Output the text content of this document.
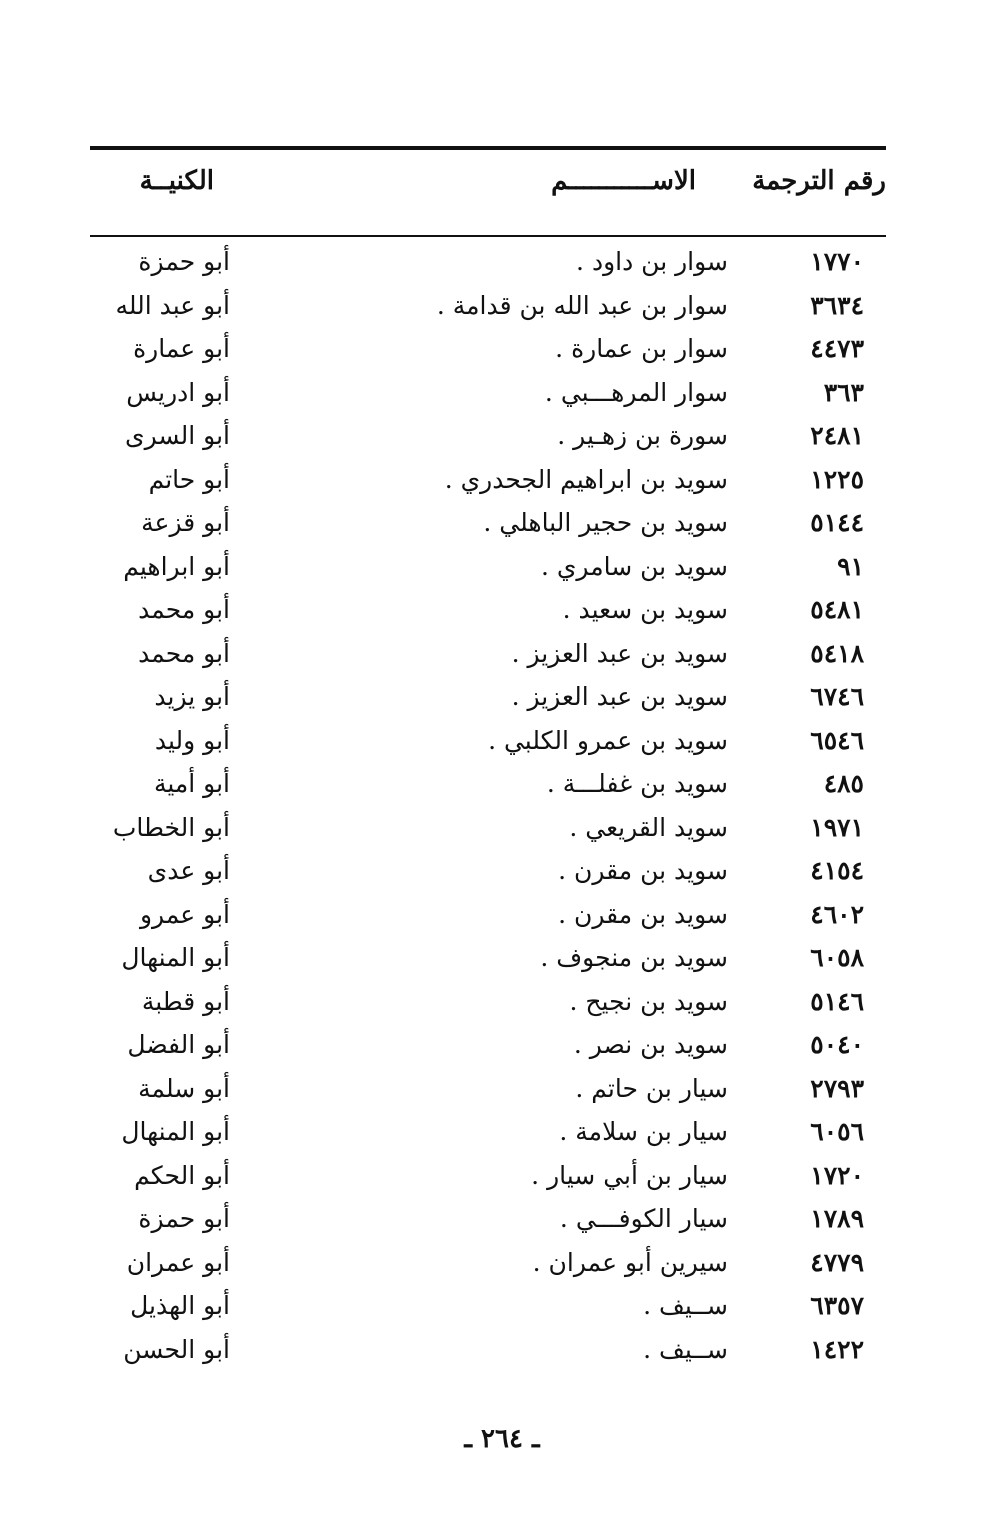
رقم الترجمة
الاســـــــــــم
الكنيــة
١٧٧٠
سوار بن داود .
أبو حمزة
٣٦٣٤
سوار بن عبد الله بن قدامة .
أبو عبد الله
٤٤٧٣
سوار بن عمارة .
أبو عمارة
٣٦٣
سوار المرهـــبي .
أبو ادريس
٢٤٨١
سورة بن زهـير .
أبو السرى
١٢٢٥
سويد بن ابراهيم الجحدري .
أبو حاتم
٥١٤٤
سويد بن حجير الباهلي .
أبو قزعة
٩١
سويد بن سامري .
أبو ابراهيم
٥٤٨١
سويد بن سعيد .
أبو محمد
٥٤١٨
سويد بن عبد العزيز .
أبو محمد
٦٧٤٦
سويد بن عبد العزيز .
أبو يزيد
٦٥٤٦
سويد بن عمرو الكلبي .
أبو وليد
٤٨٥
سويد بن غفلـــة .
أبو أمية
١٩٧١
سويد القريعي .
أبو الخطاب
٤١٥٤
سويد بن مقرن .
أبو عدى
٤٦٠٢
سويد بن مقرن .
أبو عمرو
٦٠٥٨
سويد بن منجوف .
أبو المنهال
٥١٤٦
سويد بن نجيح .
أبو قطبة
٥٠٤٠
سويد بن نصر .
أبو الفضل
٢٧٩٣
سيار بن حاتم .
أبو سلمة
٦٠٥٦
سيار بن سلامة .
أبو المنهال
١٧٢٠
سيار بن أبي سيار .
أبو الحكم
١٧٨٩
سيار الكوفـــي .
أبو حمزة
٤٧٧٩
سيرين أبو عمران .
أبو عمران
٦٣٥٧
ســيف .
أبو الهذيل
١٤٢٢
ســيف .
أبو الحسن
ـ ٢٦٤ ـ
